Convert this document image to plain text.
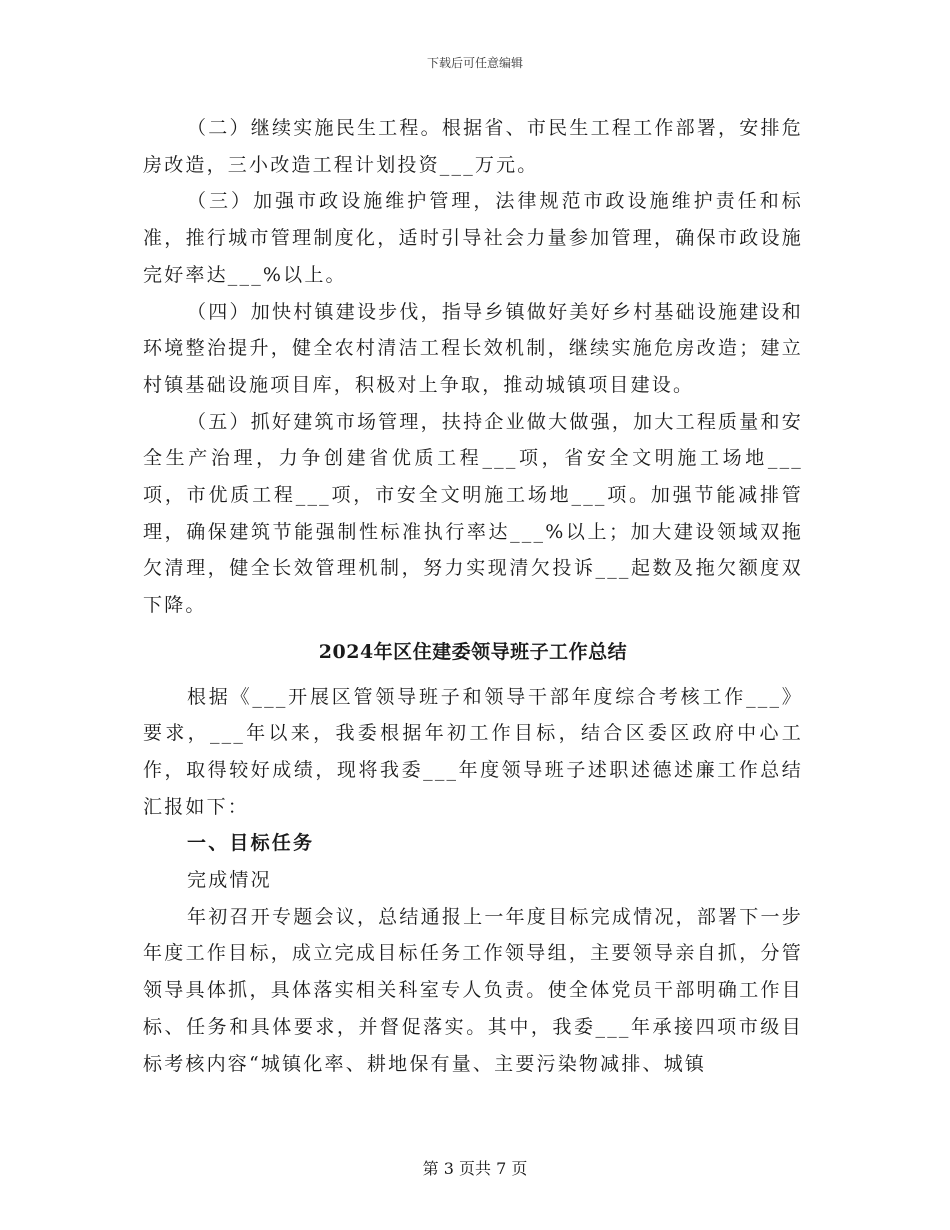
下载后可任意编辑

（二）继续实施民生工程。根据省、市民生工程工作部署，安排危房改造，三小改造工程计划投资___万元。

（三）加强市政设施维护管理，法律规范市政设施维护责任和标准，推行城市管理制度化，适时引导社会力量参加管理，确保市政设施完好率达___%以上。

（四）加快村镇建设步伐，指导乡镇做好美好乡村基础设施建设和环境整治提升，健全农村清洁工程长效机制，继续实施危房改造；建立村镇基础设施项目库，积极对上争取，推动城镇项目建设。

（五）抓好建筑市场管理，扶持企业做大做强，加大工程质量和安全生产治理，力争创建省优质工程___项，省安全文明施工场地___项，市优质工程___项，市安全文明施工场地___项。加强节能减排管理，确保建筑节能强制性标准执行率达___%以上；加大建设领域双拖欠清理，健全长效管理机制，努力实现清欠投诉___起数及拖欠额度双下降。

2024年区住建委领导班子工作总结

根据《___开展区管领导班子和领导干部年度综合考核工作___》要求，___年以来，我委根据年初工作目标，结合区委区政府中心工作，取得较好成绩，现将我委___年度领导班子述职述德述廉工作总结汇报如下：

一、目标任务

完成情况

年初召开专题会议，总结通报上一年度目标完成情况，部署下一步年度工作目标，成立完成目标任务工作领导组，主要领导亲自抓，分管领导具体抓，具体落实相关科室专人负责。使全体党员干部明确工作目标、任务和具体要求，并督促落实。其中，我委___年承接四项市级目标考核内容“城镇化率、耕地保有量、主要污染物减排、城镇

第 3 页共 7 页
